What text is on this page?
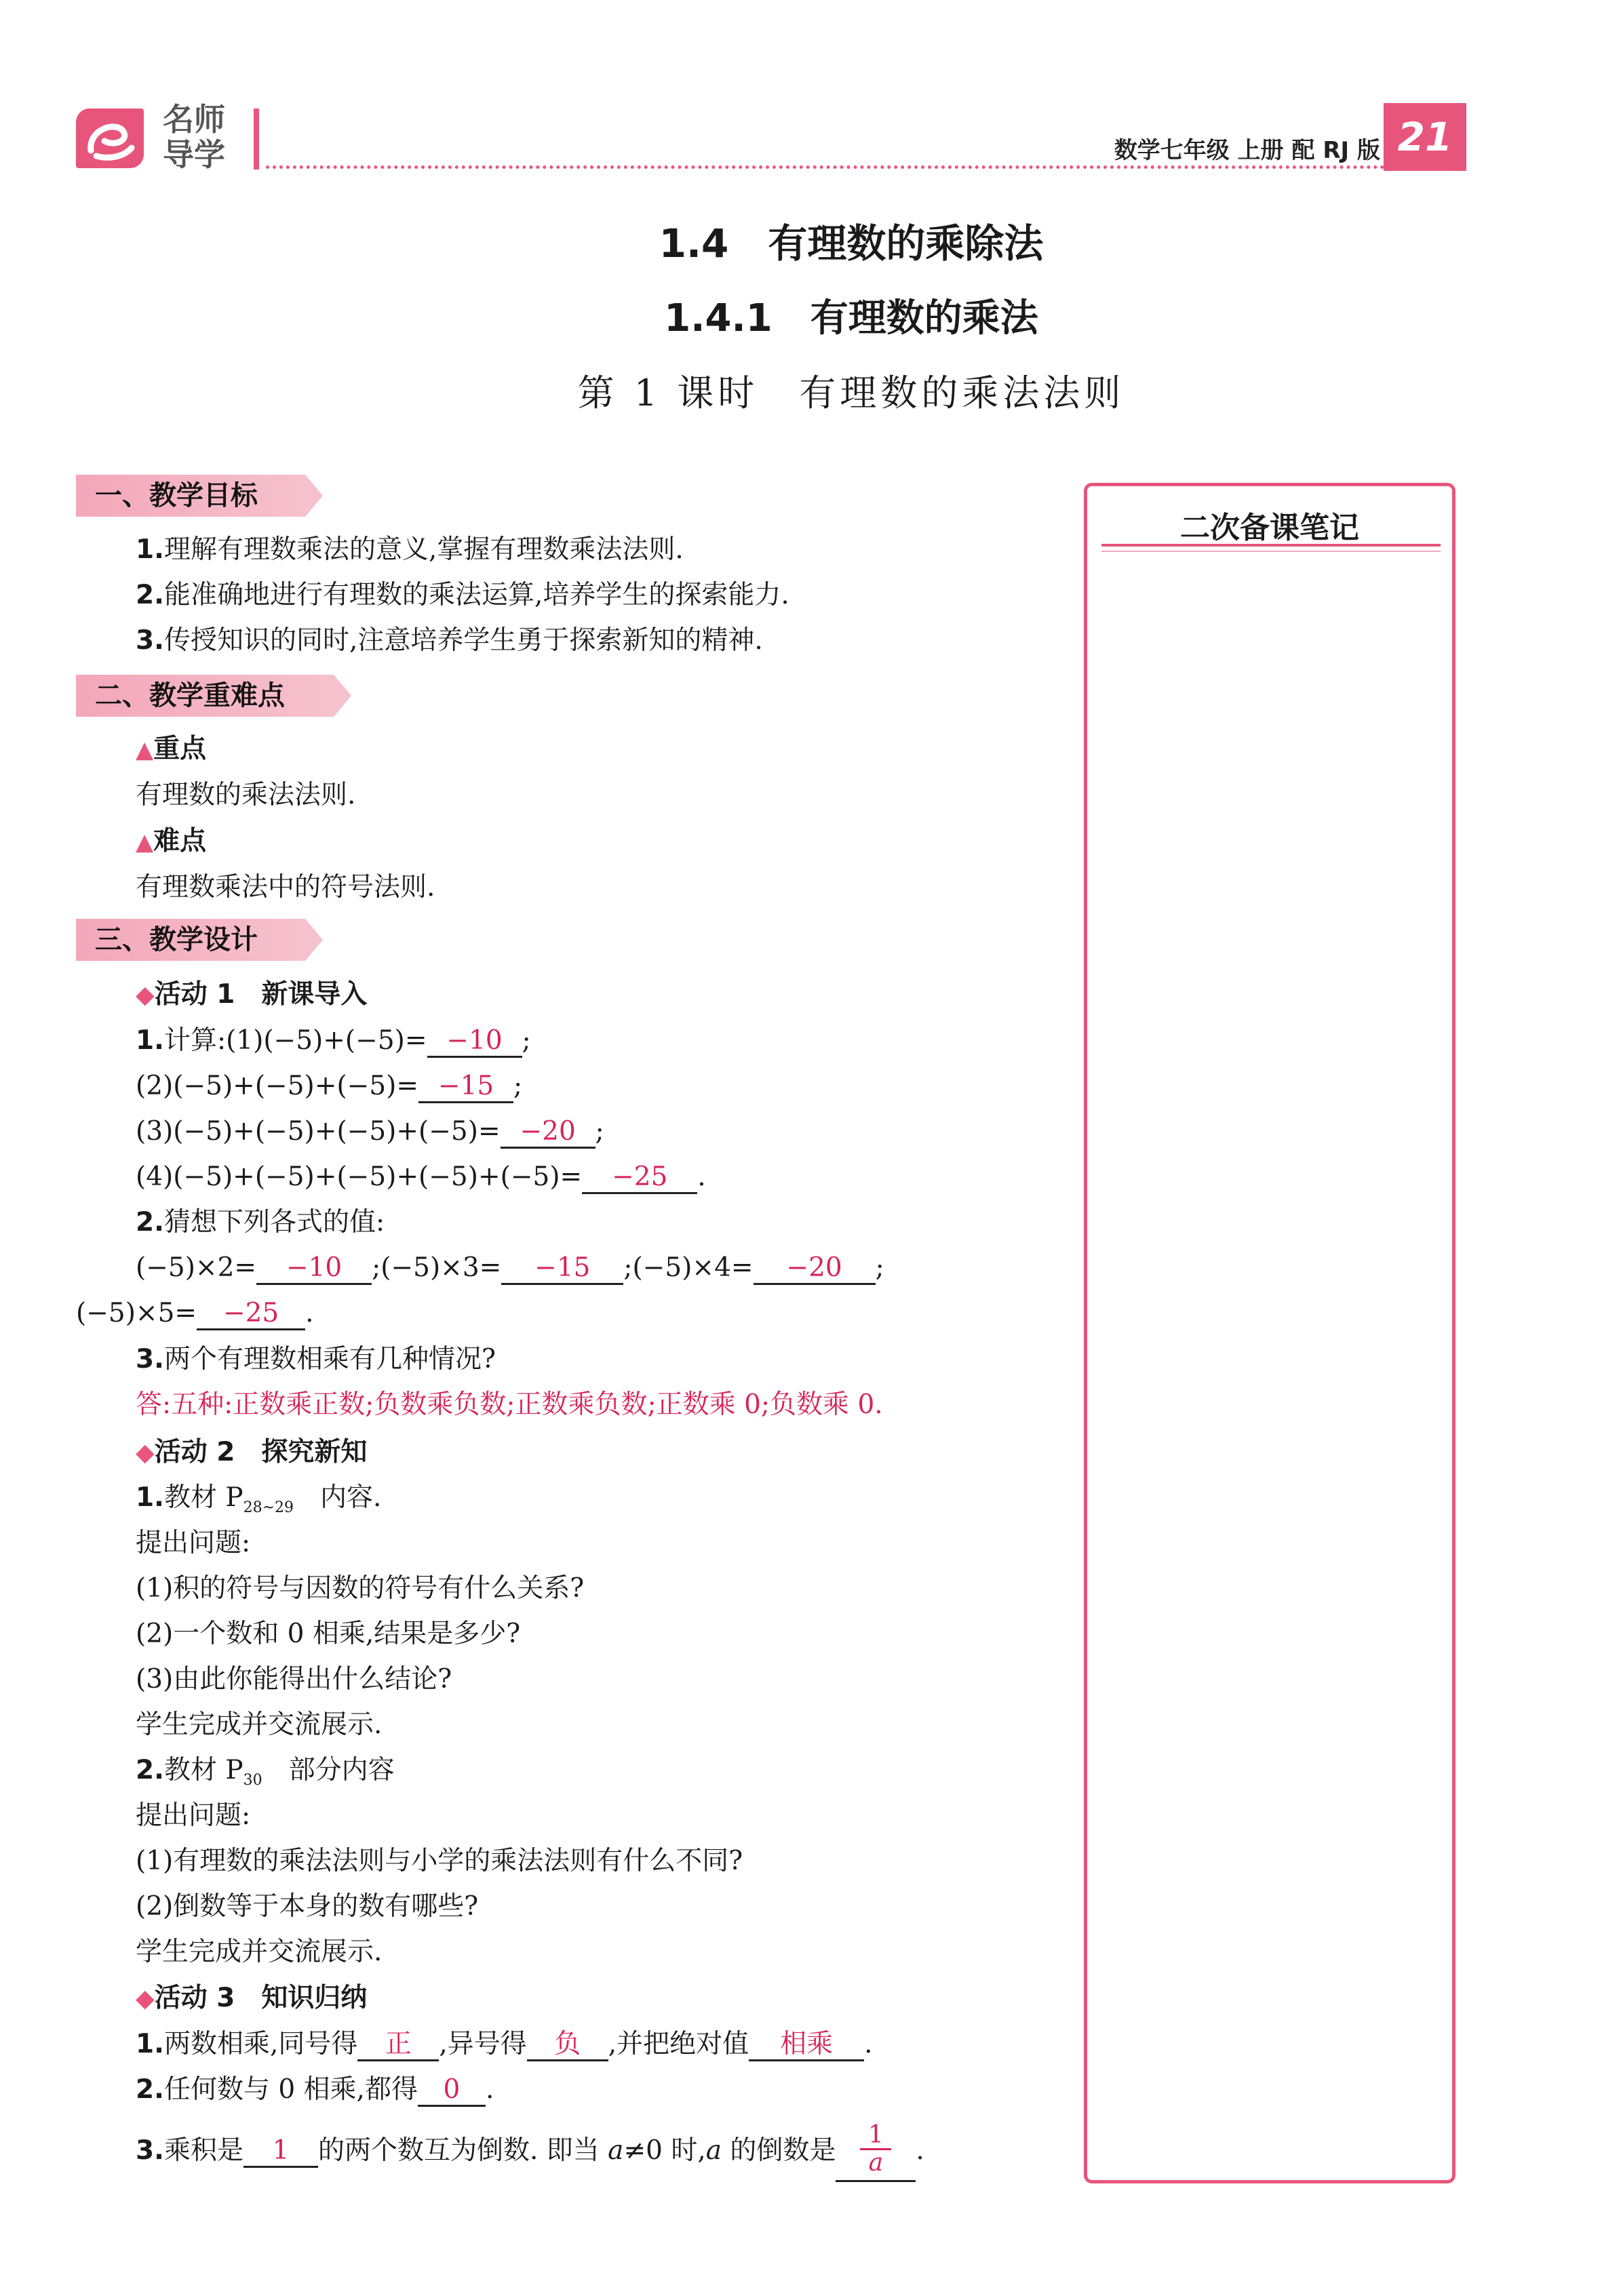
名师
导学	数学七年级 上册 配 RJ 版 21
1.4　有理数的乘除法
1.4.1　有理数的乘法
第 1 课时　有理数的乘法法则
二次备课笔记
一、教学目标
1.理解有理数乘法的意义,掌握有理数乘法法则.
2.能准确地进行有理数的乘法运算,培养学生的探索能力.
3.传授知识的同时,注意培养学生勇于探索新知的精神.
二、教学重难点
▲重点
有理数的乘法法则.
▲难点
有理数乘法中的符号法则.
三、教学设计
◆活动 1　新课导入
1.计算:(1)(−5)+(−5)= −10 ;
(2)(−5)+(−5)+(−5)= −15 ;
(3)(−5)+(−5)+(−5)+(−5)= −20 ;
(4)(−5)+(−5)+(−5)+(−5)+(−5)= −25 .
2.猜想下列各式的值:
(−5)×2= −10 ;(−5)×3= −15 ;(−5)×4= −20 ;
(−5)×5= −25 .
3.两个有理数相乘有几种情况?
答:五种:正数乘正数;负数乘负数;正数乘负数;正数乘 0;负数乘 0.
◆活动 2　探究新知
1.教材 $P_{28\sim 29}$　内容.
提出问题:
(1)积的符号与因数的符号有什么关系?
(2)一个数和 0 相乘,结果是多少?
(3)由此你能得出什么结论?
学生完成并交流展示.
2.教材 $P_{30}$　部分内容
提出问题:
(1)有理数的乘法法则与小学的乘法法则有什么不同?
(2)倒数等于本身的数有哪些?
学生完成并交流展示.
◆活动 3　知识归纳
1.两数相乘,同号得 正 ,异号得 负 ,并把绝对值 相乘 .
2.任何数与 0 相乘,都得 0 .
3.乘积是 1 的两个数互为倒数. 即当 a≠0 时,a 的倒数是 $\frac{1}{a}$ .
